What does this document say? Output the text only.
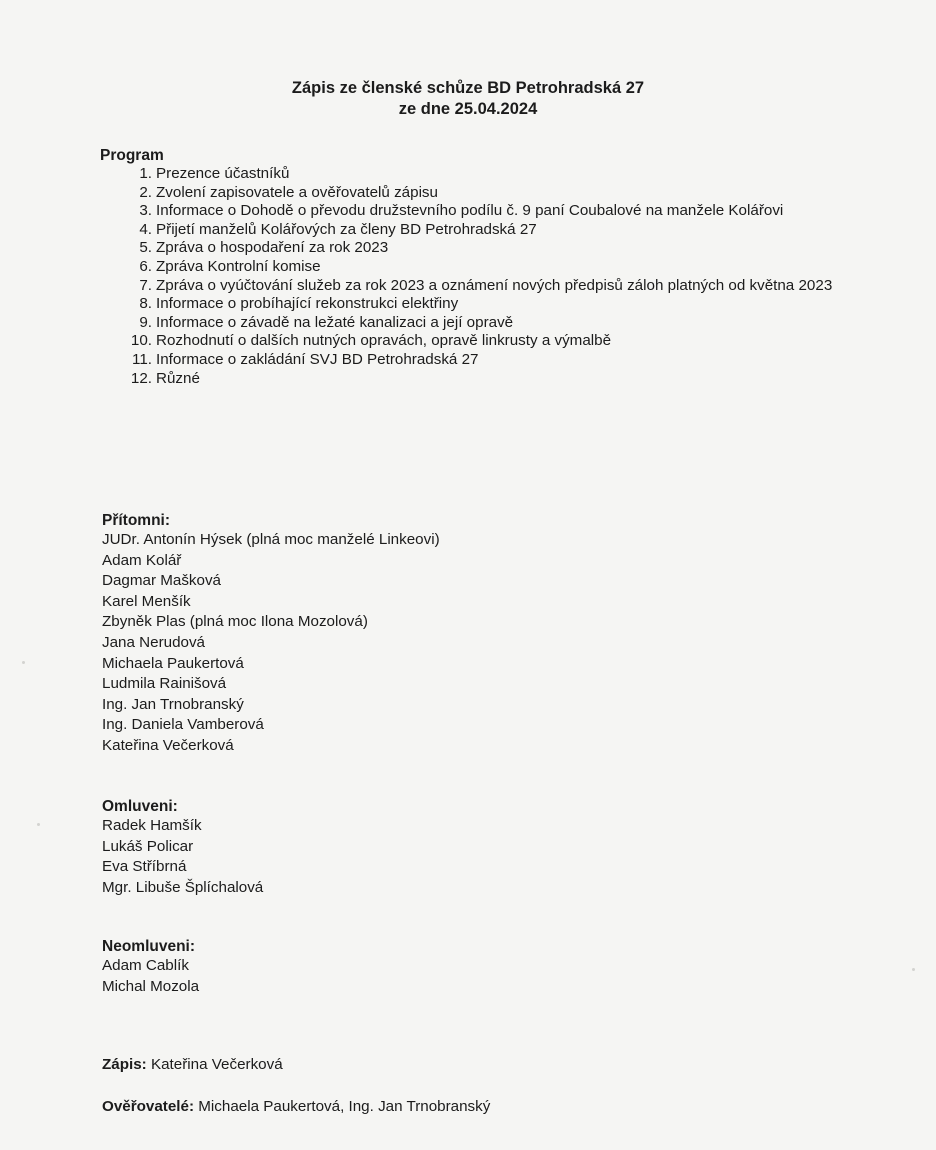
Zápis ze členské schůze BD Petrohradská 27
ze dne 25.04.2024
Program
1. Prezence účastníků
2. Zvolení zapisovatele a ověřovatelů zápisu
3. Informace o Dohodě o převodu družstevního podílu č. 9 paní Coubalové na manžele Kolářovi
4. Přijetí manželů Kolářových za členy BD Petrohradská 27
5. Zpráva o hospodaření za rok 2023
6. Zpráva Kontrolní komise
7. Zpráva o vyúčtování služeb za rok 2023 a oznámení nových předpisů záloh platných od května 2023
8. Informace o probíhající rekonstrukci elektřiny
9. Informace o závadě na ležaté kanalizaci a její opravě
10. Rozhodnutí o dalších nutných opravách, opravě linkrusty a výmalbě
11. Informace o zakládání SVJ BD Petrohradská 27
12. Různé
Přítomni:
JUDr. Antonín Hýsek (plná moc manželé Linkeovi)
Adam Kolář
Dagmar Mašková
Karel Menšík
Zbyněk Plas (plná moc Ilona Mozolová)
Jana Nerudová
Michaela Paukertová
Ludmila Rainišová
Ing. Jan Trnobranský
Ing. Daniela Vamberová
Kateřina Večerková
Omluveni:
Radek Hamšík
Lukáš Policar
Eva Stříbrná
Mgr. Libuše Šplíchalová
Neomluveni:
Adam Cablík
Michal Mozola
Zápis: Kateřina Večerková
Ověřovatelé: Michaela Paukertová, Ing. Jan Trnobranský
